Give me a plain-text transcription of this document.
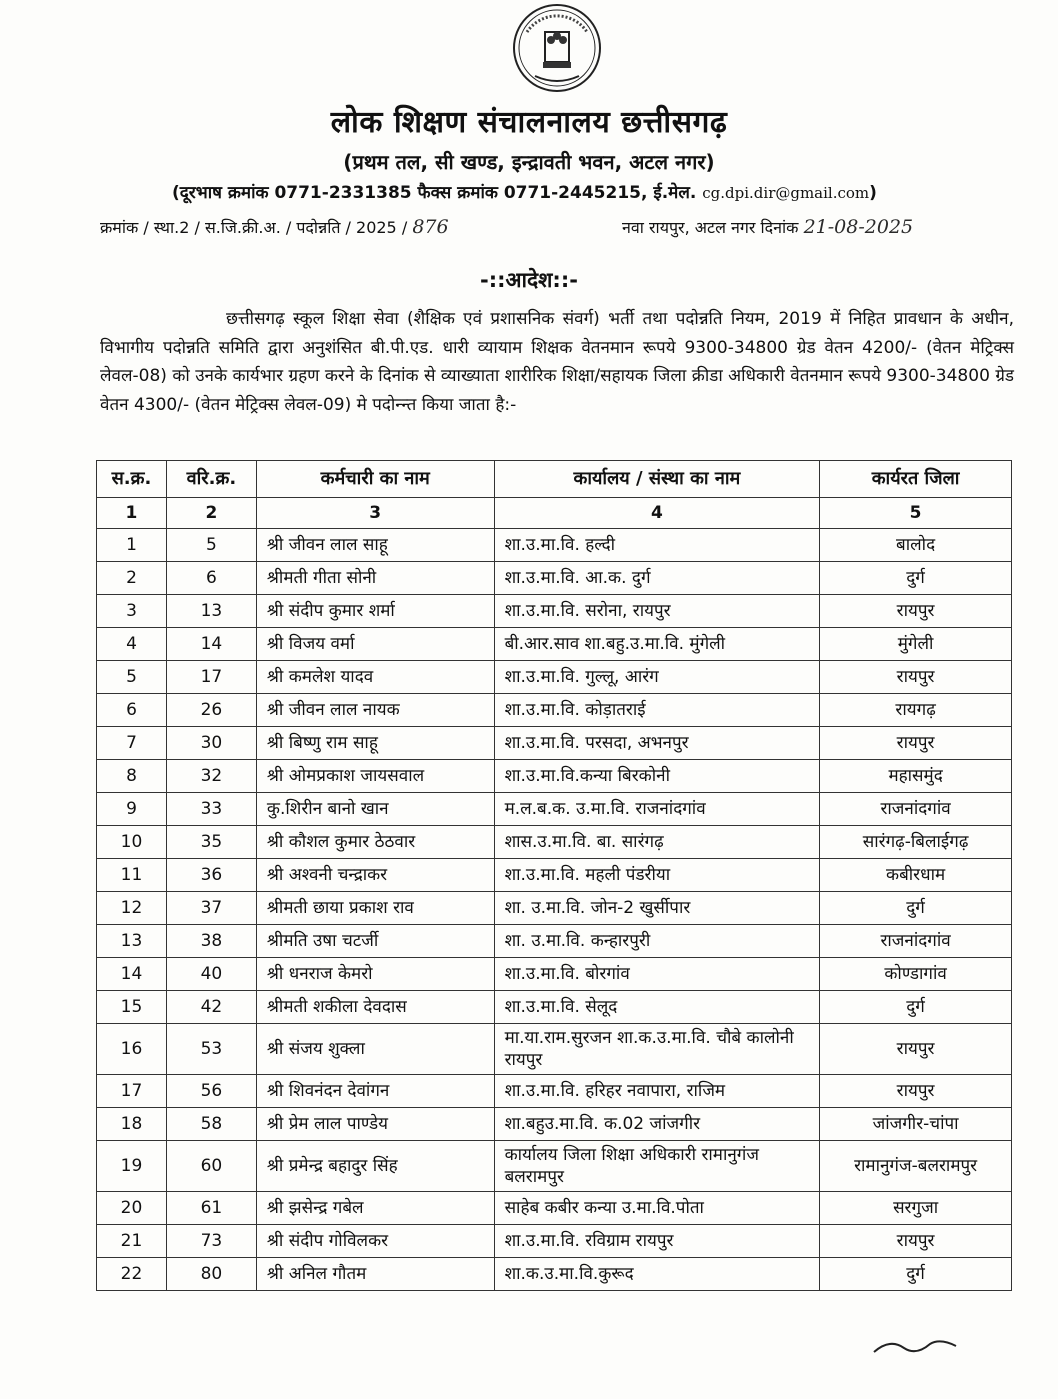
लोक शिक्षण संचालनालय छत्तीसगढ़
(प्रथम तल, सी खण्ड, इन्द्रावती भवन, अटल नगर)
(दूरभाष क्रमांक 0771-2331385 फैक्स क्रमांक 0771-2445215, ई.मेल. cg.dpi.dir@gmail.com)
क्रमांक / स्था.2 / स.जि.क्री.अ. / पदोन्नति / 2025 / 876	नवा रायपुर, अटल नगर दिनांक 21-08-2025
-::आदेश::-
छत्तीसगढ़ स्कूल शिक्षा सेवा (शैक्षिक एवं प्रशासनिक संवर्ग) भर्ती तथा पदोन्नति नियम, 2019 में निहित प्रावधान के अधीन, विभागीय पदोन्नति समिति द्वारा अनुशंसित बी.पी.एड. धारी व्यायाम शिक्षक वेतनमान रूपये 9300-34800 ग्रेड वेतन 4200/- (वेतन मेट्रिक्स लेवल-08) को उनके कार्यभार ग्रहण करने के दिनांक से व्याख्याता शारीरिक शिक्षा/सहायक जिला क्रीडा अधिकारी वेतनमान रूपये 9300-34800 ग्रेड वेतन 4300/- (वेतन मेट्रिक्स लेवल-09) मे पदोन्न्त किया जाता है:-
स.क्र.	वरि.क्र.	कर्मचारी का नाम	कार्यालय / संस्था का नाम	कार्यरत जिला
1	2	3	4	5
1	5	श्री जीवन लाल साहू	शा.उ.मा.वि. हल्दी	बालोद
2	6	श्रीमती गीता सोनी	शा.उ.मा.वि. आ.क. दुर्ग	दुर्ग
3	13	श्री संदीप कुमार शर्मा	शा.उ.मा.वि. सरोना, रायपुर	रायपुर
4	14	श्री विजय वर्मा	बी.आर.साव शा.बहु.उ.मा.वि. मुंगेली	मुंगेली
5	17	श्री कमलेश यादव	शा.उ.मा.वि. गुल्लू, आरंग	रायपुर
6	26	श्री जीवन लाल नायक	शा.उ.मा.वि. कोड़ातराई	रायगढ़
7	30	श्री बिष्णु राम साहू	शा.उ.मा.वि. परसदा, अभनपुर	रायपुर
8	32	श्री ओमप्रकाश जायसवाल	शा.उ.मा.वि.कन्या बिरकोनी	महासमुंद
9	33	कु.शिरीन बानो खान	म.ल.ब.क. उ.मा.वि. राजनांदगांव	राजनांदगांव
10	35	श्री कौशल कुमार ठेठवार	शास.उ.मा.वि. बा. सारंगढ़	सारंगढ़-बिलाईगढ़
11	36	श्री अश्वनी चन्द्राकर	शा.उ.मा.वि. महली पंडरीया	कबीरधाम
12	37	श्रीमती छाया प्रकाश राव	शा. उ.मा.वि. जोन-2 खुर्सीपार	दुर्ग
13	38	श्रीमति उषा चटर्जी	शा. उ.मा.वि. कन्हारपुरी	राजनांदगांव
14	40	श्री धनराज केमरो	शा.उ.मा.वि. बोरगांव	कोण्डागांव
15	42	श्रीमती शकीला देवदास	शा.उ.मा.वि. सेलूद	दुर्ग
16	53	श्री संजय शुक्ला	मा.या.राम.सुरजन शा.क.उ.मा.वि. चौबे कालोनी रायपुर	रायपुर
17	56	श्री शिवनंदन देवांगन	शा.उ.मा.वि. हरिहर नवापारा, राजिम	रायपुर
18	58	श्री प्रेम लाल पाण्डेय	शा.बहुउ.मा.वि. क.02 जांजगीर	जांजगीर-चांपा
19	60	श्री प्रमेन्द्र बहादुर सिंह	कार्यालय जिला शिक्षा अधिकारी रामानुगंज बलरामपुर	रामानुगंज-बलरामपुर
20	61	श्री झसेन्द्र गबेल	साहेब कबीर कन्या उ.मा.वि.पोता	सरगुजा
21	73	श्री संदीप गोविलकर	शा.उ.मा.वि. रविग्राम रायपुर	रायपुर
22	80	श्री अनिल गौतम	शा.क.उ.मा.वि.कुरूद	दुर्ग
